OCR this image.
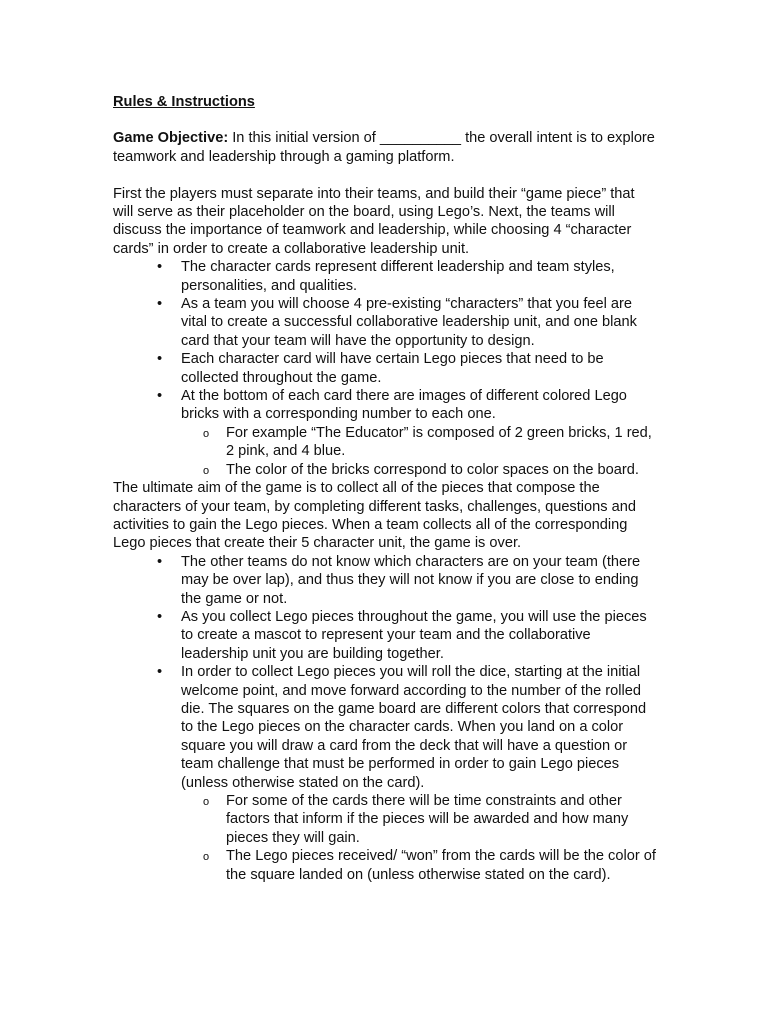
Rules & Instructions

Game Objective: In this initial version of __________ the overall intent is to explore teamwork and leadership through a gaming platform.

First the players must separate into their teams, and build their “game piece” that will serve as their placeholder on the board, using Lego’s. Next, the teams will discuss the importance of teamwork and leadership, while choosing 4 “character cards” in order to create a collaborative leadership unit.

• The character cards represent different leadership and team styles, personalities, and qualities.
• As a team you will choose 4 pre-existing “characters” that you feel are vital to create a successful collaborative leadership unit, and one blank card that your team will have the opportunity to design.
• Each character card will have certain Lego pieces that need to be collected throughout the game.
• At the bottom of each card there are images of different colored Lego bricks with a corresponding number to each one.
o For example “The Educator” is composed of 2 green bricks, 1 red, 2 pink, and 4 blue.
o The color of the bricks correspond to color spaces on the board.

The ultimate aim of the game is to collect all of the pieces that compose the characters of your team, by completing different tasks, challenges, questions and activities to gain the Lego pieces. When a team collects all of the corresponding Lego pieces that create their 5 character unit, the game is over.

• The other teams do not know which characters are on your team (there may be over lap), and thus they will not know if you are close to ending the game or not.
• As you collect Lego pieces throughout the game, you will use the pieces to create a mascot to represent your team and the collaborative leadership unit you are building together.
• In order to collect Lego pieces you will roll the dice, starting at the initial welcome point, and move forward according to the number of the rolled die. The squares on the game board are different colors that correspond to the Lego pieces on the character cards. When you land on a color square you will draw a card from the deck that will have a question or team challenge that must be performed in order to gain Lego pieces (unless otherwise stated on the card).
o For some of the cards there will be time constraints and other factors that inform if the pieces will be awarded and how many pieces they will gain.
o The Lego pieces received/ “won” from the cards will be the color of the square landed on (unless otherwise stated on the card).
